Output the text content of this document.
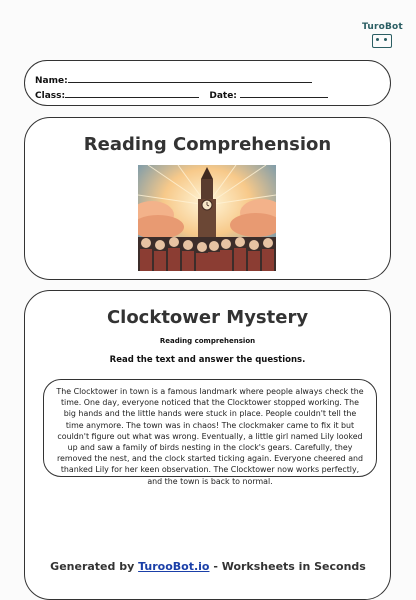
TuroBot
Name:
Class:	Date:
Reading Comprehension
Clocktower Mystery
Reading comprehension
Read the text and answer the questions.
The Clocktower in town is a famous landmark where people always check the time. One day, everyone noticed that the Clocktower stopped working. The big hands and the little hands were stuck in place. People couldn't tell the time anymore. The town was in chaos! The clockmaker came to fix it but couldn't figure out what was wrong. Eventually, a little girl named Lily looked up and saw a family of birds nesting in the clock's gears. Carefully, they removed the nest, and the clock started ticking again. Everyone cheered and thanked Lily for her keen observation. The Clocktower now works perfectly, and the town is back to normal.
Generated by TurooBot.io - Worksheets in Seconds
